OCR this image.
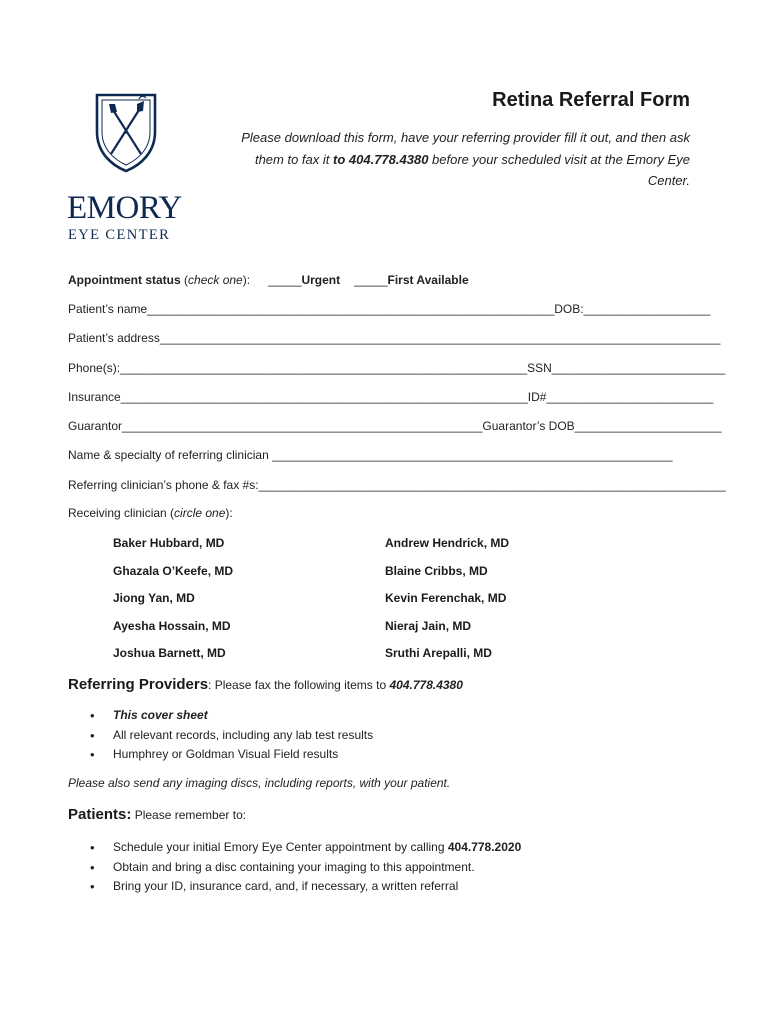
EMORY
EYE CENTER
Retina Referral Form
Please download this form, have your referring provider fill it out, and then ask them to fax it to 404.778.4380 before your scheduled visit at the Emory Eye Center.
Appointment status (check one): _____Urgent _____First Available
Patient’s name_____________________________________________________________DOB:___________________
Patient’s address____________________________________________________________________________________
Phone(s):_____________________________________________________________SSN__________________________
Insurance_____________________________________________________________ID#_________________________
Guarantor______________________________________________________Guarantor’s DOB______________________
Name & specialty of referring clinician ____________________________________________________________
Referring clinician’s phone & fax #s:______________________________________________________________________
Receiving clinician (circle one):
Baker Hubbard, MD
Ghazala O’Keefe, MD
Jiong Yan, MD
Ayesha Hossain, MD
Joshua Barnett, MD
Andrew Hendrick, MD
Blaine Cribbs, MD
Kevin Ferenchak, MD
Nieraj Jain, MD
Sruthi Arepalli, MD
Referring Providers: Please fax the following items to 404.778.4380
• This cover sheet
• All relevant records, including any lab test results
• Humphrey or Goldman Visual Field results
Please also send any imaging discs, including reports, with your patient.
Patients: Please remember to:
• Schedule your initial Emory Eye Center appointment by calling 404.778.2020
• Obtain and bring a disc containing your imaging to this appointment.
• Bring your ID, insurance card, and, if necessary, a written referral
